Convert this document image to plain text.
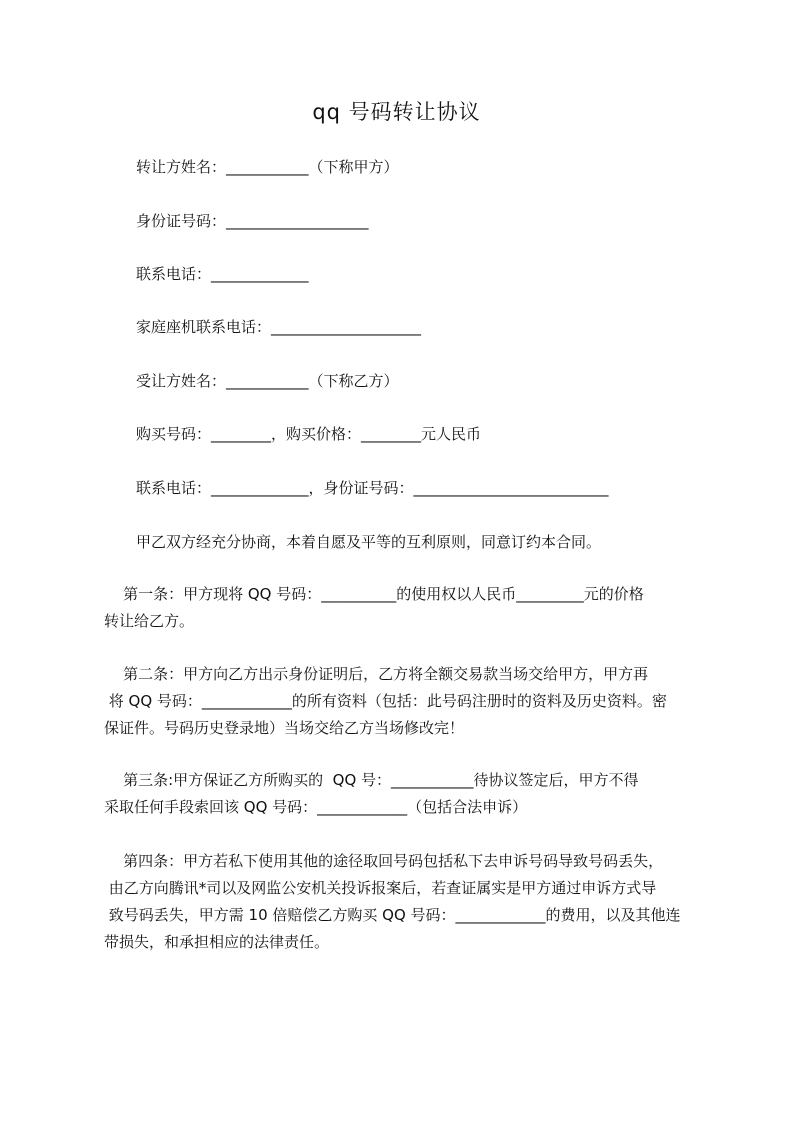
qq 号码转让协议
转让方姓名：___________（下称甲方）
身份证号码：___________________
联系电话：_____________
家庭座机联系电话：____________________
受让方姓名：___________（下称乙方）
购买号码：________，购买价格：________元人民币
联系电话：_____________，身份证号码：__________________________
甲乙双方经充分协商，本着自愿及平等的互利原则，同意订约本合同。

第一条：甲方现将 QQ 号码：__________的使用权以人民币_________元的价格

转让给乙方。

第二条：甲方向乙方出示身份证明后，乙方将全额交易款当场交给甲方，甲方再

将 QQ 号码：____________的所有资料（包括：此号码注册时的资料及历史资料。密

保证件。号码历史登录地）当场交给乙方当场修改完！

第三条:甲方保证乙方所购买的  QQ 号：___________待协议签定后，甲方不得

采取任何手段索回该 QQ 号码：____________（包括合法申诉）

第四条：甲方若私下使用其他的途径取回号码包括私下去申诉号码导致号码丢失，

由乙方向腾讯*司以及网监公安机关投诉报案后，若查证属实是甲方通过申诉方式导

致号码丢失，甲方需 10 倍赔偿乙方购买 QQ 号码：____________的费用，以及其他连

带损失，和承担相应的法律责任。
